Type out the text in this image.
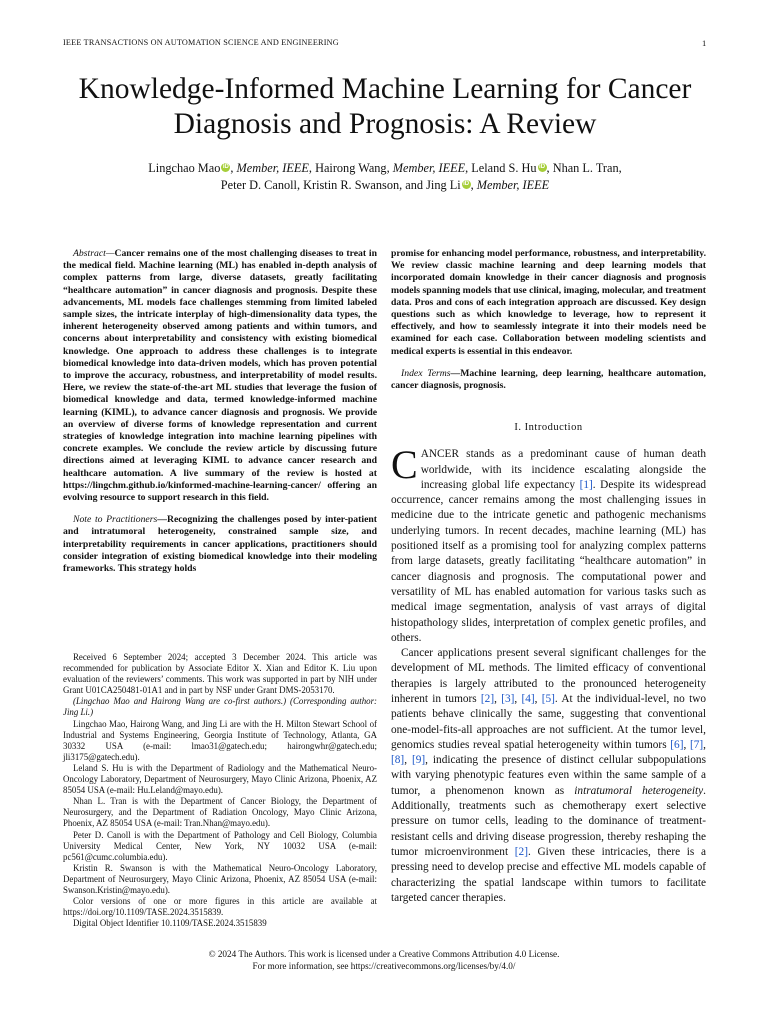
IEEE TRANSACTIONS ON AUTOMATION SCIENCE AND ENGINEERING	1
Knowledge-Informed Machine Learning for Cancer Diagnosis and Prognosis: A Review
Lingchao Mao iD , Member, IEEE, Hairong Wang, Member, IEEE, Leland S. Hu iD , Nhan L. Tran,
Peter D. Canoll, Kristin R. Swanson, and Jing Li iD , Member, IEEE

Abstract—Cancer remains one of the most challenging diseases to treat in the medical field. Machine learning (ML) has enabled in-depth analysis of complex patterns from large, diverse datasets, greatly facilitating “healthcare automation” in cancer diagnosis and prognosis. Despite these advancements, ML models face challenges stemming from limited labeled sample sizes, the intricate interplay of high-dimensionality data types, the inherent heterogeneity observed among patients and within tumors, and concerns about interpretability and consistency with existing biomedical knowledge. One approach to address these challenges is to integrate biomedical knowledge into data-driven models, which has proven potential to improve the accuracy, robustness, and interpretability of model results. Here, we review the state-of-the-art ML studies that leverage the fusion of biomedical knowledge and data, termed knowledge-informed machine learning (KIML), to advance cancer diagnosis and prognosis. We provide an overview of diverse forms of knowledge representation and current strategies of knowledge integration into machine learning pipelines with concrete examples. We conclude the review article by discussing future directions aimed at leveraging KIML to advance cancer research and healthcare automation. A live summary of the review is hosted at https://lingchm.github.io/kinformed-machine-learning-cancer/ offering an evolving resource to support research in this field.

Note to Practitioners—Recognizing the challenges posed by inter-patient and intratumoral heterogeneity, constrained sample size, and interpretability requirements in cancer applications, practitioners should consider integration of existing biomedical knowledge into their modeling frameworks. This strategy holds

Received 6 September 2024; accepted 3 December 2024. This article was recommended for publication by Associate Editor X. Xian and Editor K. Liu upon evaluation of the reviewers’ comments. This work was supported in part by NIH under Grant U01CA250481-01A1 and in part by NSF under Grant DMS-2053170.

(Lingchao Mao and Hairong Wang are co-first authors.) (Corresponding author: Jing Li.)

Lingchao Mao, Hairong Wang, and Jing Li are with the H. Milton Stewart School of Industrial and Systems Engineering, Georgia Institute of Technology, Atlanta, GA 30332 USA (e-mail: lmao31@gatech.edu; hairongwhr@gatech.edu; jli3175@gatech.edu).

Leland S. Hu is with the Department of Radiology and the Mathematical Neuro-Oncology Laboratory, Department of Neurosurgery, Mayo Clinic Arizona, Phoenix, AZ 85054 USA (e-mail: Hu.Leland@mayo.edu).

Nhan L. Tran is with the Department of Cancer Biology, the Department of Neurosurgery, and the Department of Radiation Oncology, Mayo Clinic Arizona, Phoenix, AZ 85054 USA (e-mail: Tran.Nhan@mayo.edu).

Peter D. Canoll is with the Department of Pathology and Cell Biology, Columbia University Medical Center, New York, NY 10032 USA (e-mail: pc561@cumc.columbia.edu).

Kristin R. Swanson is with the Mathematical Neuro-Oncology Laboratory, Department of Neurosurgery, Mayo Clinic Arizona, Phoenix, AZ 85054 USA (e-mail: Swanson.Kristin@mayo.edu).

Color versions of one or more figures in this article are available at https://doi.org/10.1109/TASE.2024.3515839.

Digital Object Identifier 10.1109/TASE.2024.3515839

promise for enhancing model performance, robustness, and interpretability. We review classic machine learning and deep learning models that incorporated domain knowledge in their cancer diagnosis and prognosis models spanning models that use clinical, imaging, molecular, and treatment data. Pros and cons of each integration approach are discussed. Key design questions such as which knowledge to leverage, how to represent it effectively, and how to seamlessly integrate it into their models need be examined for each case. Collaboration between modeling scientists and medical experts is essential in this endeavor.

Index Terms—Machine learning, deep learning, healthcare automation, cancer diagnosis, prognosis.

I. Introduction

CANCER stands as a predominant cause of human death worldwide, with its incidence escalating alongside the increasing global life expectancy [1]. Despite its widespread occurrence, cancer remains among the most challenging issues in medicine due to the intricate genetic and pathogenic mechanisms underlying tumors. In recent decades, machine learning (ML) has positioned itself as a promising tool for analyzing complex patterns from large datasets, greatly facilitating “healthcare automation” in cancer diagnosis and prognosis. The computational power and versatility of ML has enabled automation for various tasks such as medical image segmentation, analysis of vast arrays of digital histopathology slides, interpretation of complex genetic profiles, and others.

Cancer applications present several significant challenges for the development of ML methods. The limited efficacy of conventional therapies is largely attributed to the pronounced heterogeneity inherent in tumors [2], [3], [4], [5]. At the individual-level, no two patients behave clinically the same, suggesting that conventional one-model-fits-all approaches are not sufficient. At the tumor level, genomics studies reveal spatial heterogeneity within tumors [6], [7], [8], [9], indicating the presence of distinct cellular subpopulations with varying phenotypic features even within the same sample of a tumor, a phenomenon known as intratumoral heterogeneity. Additionally, treatments such as chemotherapy exert selective pressure on tumor cells, leading to the dominance of treatment-resistant cells and driving disease progression, thereby reshaping the tumor microenvironment [2]. Given these intricacies, there is a pressing need to develop precise and effective ML models capable of characterizing the spatial landscape within tumors to facilitate targeted cancer therapies.

© 2024 The Authors. This work is licensed under a Creative Commons Attribution 4.0 License.
For more information, see https://creativecommons.org/licenses/by/4.0/
